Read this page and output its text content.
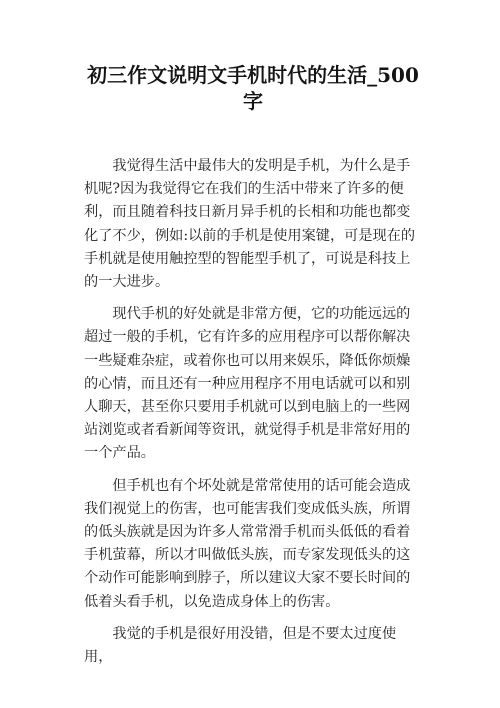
初三作文说明文手机时代的生活_500字

我觉得生活中最伟大的发明是手机，为什么是手机呢?因为我觉得它在我们的生活中带来了许多的便利，而且随着科技日新月异手机的长相和功能也都变化了不少，例如:以前的手机是使用案键，可是现在的手机就是使用触控型的智能型手机了，可说是科技上的一大进步。

现代手机的好处就是非常方便，它的功能远远的超过一般的手机，它有许多的应用程序可以帮你解决一些疑难杂症，或着你也可以用来娱乐，降低你烦燥的心情，而且还有一种应用程序不用电话就可以和别人聊天，甚至你只要用手机就可以到电脑上的一些网站浏览或者看新闻等资讯，就觉得手机是非常好用的一个产品。

但手机也有个坏处就是常常使用的话可能会造成我们视觉上的伤害，也可能害我们变成低头族，所谓的低头族就是因为许多人常常滑手机而头低低的看着手机萤幕，所以才叫做低头族，而专家发现低头的这个动作可能影响到脖子，所以建议大家不要长时间的低着头看手机，以免造成身体上的伤害。

我觉的手机是很好用没错，但是不要太过度使用，
